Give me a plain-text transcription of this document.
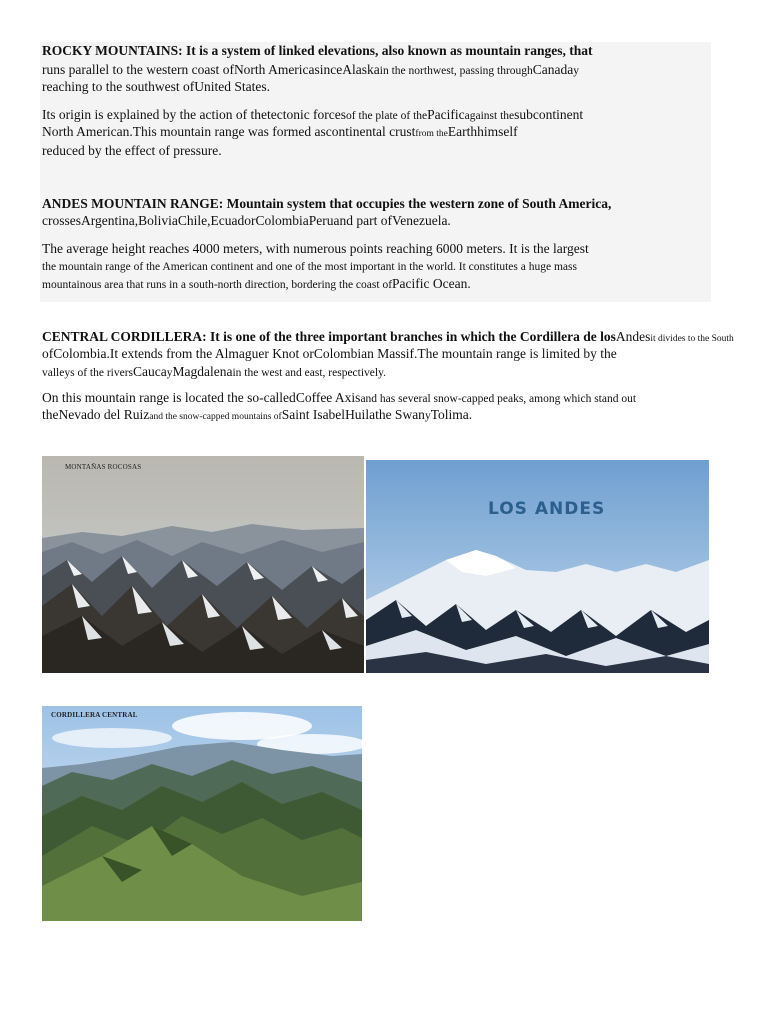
ROCKY MOUNTAINS: It is a system of linked elevations, also known as mountain ranges, that

runs parallel to the western coast ofNorth AmericasinceAlaskain the northwest, passing throughCanaday

reaching to the southwest ofUnited States.

Its origin is explained by the action of thetectonic forcesof the plate of thePacificagainst thesubcontinent

North American.This mountain range was formed ascontinental crustfrom theEarthhimself

reduced by the effect of pressure.

ANDES MOUNTAIN RANGE: Mountain system that occupies the western zone of South America,

crossesArgentina,BoliviaChile,EcuadorColombiaPeruand part ofVenezuela.

The average height reaches 4000 meters, with numerous points reaching 6000 meters. It is the largest

the mountain range of the American continent and one of the most important in the world. It constitutes a huge mass

mountainous area that runs in a south-north direction, bordering the coast ofPacific Ocean.

CENTRAL CORDILLERA: It is one of the three important branches in which the Cordillera de losAndesit divides to the South

ofColombia.It extends from the Almaguer Knot orColombian Massif.The mountain range is limited by the

valleys of the riversCaucayMagdalenain the west and east, respectively.

On this mountain range is located the so-calledCoffee Axisand has several snow-capped peaks, among which stand out

theNevado del Ruizand the snow-capped mountains ofSaint IsabelHuilathe SwanyTolima.

MONTAÑAS ROCOSAS
LOS ANDES
CORDILLERA CENTRAL
